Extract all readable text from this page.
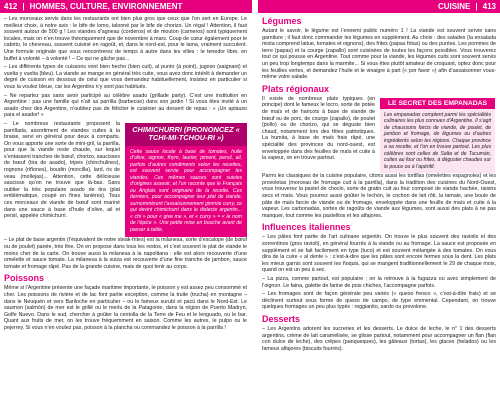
412 | HOMMES, CULTURE, ENVIRONNEMENT	CUISINE | 413

– Les morceaux servis dans les restaurants ont bien plus gros que ceux que l’on sert en Europe. Le meilleur choix, à notre avis : le bife de lomo, talonné par le bife de chorizo. Un régal ! Attention, il faut souvent autour de 500 g ! Les viandes d’agneau (corderos) et de mouton (carneros) sont typiquement locales, mais on n’en trouve théoriquement que de novembre à mars. Coup de cœur également pour le cabrito, le chevreau, souvent cuisiné en ragoût, et, dans le nord-est, pour le lama, vraiment succulent. Une formule originale que vous rencontrerez de temps à autre dans les villes : le tenedor libre, en buffet à volonté – à volonté ! – Ce qui ne gâche pas...

– Les différents types de cuissons vont bien hecho (bien cuit), al punto (à point), jugoso (saignant) et vuelta y vuelta (bleu). La viande se mange en général très cuite, vous avez donc intérêt à demander un degré de cuisson en dessous de celui que vous demandez habituellement, insistez en particulier si vous la voulez bleue, car les Argentins n’y sont pas habitués.

– Ne repartez pas sans avoir participé au célèbre asado (grillade party). C’est une institution en Argentine : pas une famille qui n’ait sa parrilla (barbecue) dans son jardin ! Si vous êtes invité à un asado chez des Argentins, n’oubliez pas de féliciter le cuisinier au dessert de repas : « ¡Un aplauso para el asador! »

– Le nombreux restaurants proposent la parrillada, assortiment de viandes cuites à la braise, servi en général pour deux à comparts. On vous apporte une sorte de mini-gril, la parrilla, pour que la viande reste chaude, sur lequel s’entassent tranches de bœuf, chorizo, saucisses de bœuf (tira de asado), tripes (chinchulines), rognons (riñones), boudin (morcilla), lard, ris de veau (mollejas)... Attention, cette délicieuse saucisse qu’on ne trouve que là-bas. Sans oublier la très populaire asado de tira (plat emblématique, coupé en fines lanières). Tous ces morceaux de viande de bœuf sont mariné dans une sauce à base d’huile d’olive, ail et persil, appelée chimichurri.

CHIMICHURRI (PRONONCEZ « TCHI-MI-TCHOU-RI »)
Cette sauce locale à base de tomates, huile d’olive, oignon, thym, laurier, piment, persil, ail, parfois d’autres condiments selon les recettes, est souvent servie pour accompagner les viandes. Ces mêmes sauces sont suivies d’origines asseoir, et l’on raconte que le Français ou Anglais sont originaire de la recette. Ces derniers, pour accompagner leur plat de viande, surnommèrent l’assaisonnement gimmie curry, ce qui devint chimichurri dans le dialecte argentin... « chi » pour « give me », et « curry » = « le nom de l’épice ». Une petite mise en bouche avant de passer à table.

– Le plat de base argentin (l’équivalent de notre steak-frites) est la milanesa, sorte d’escalope (de bœuf ou de poulet) panée, très fine. On en propose dans tous les restos, et c’est souvent le plat de viande le moins cher de la carte. On trouve aussi la milanesa à la napolitana : elle est alors recouverte d’une omelette et sauce tomate. La milanesa à la suiza est recouverte d’une fine tranche de jambon, sauce tomate et fromage râpé. Pas de la grande cuisine, mais de quoi tenir au corps.

Poissons

Même si l’Argentine présente une façade maritime importante, le poisson y est assez peu consommé et cher. Les poissons de rivière et de lac font partie exception, comme la truite (trucha) en montagne – dans le Neuquén et vers Bariloche en particulier – ou le fameux surubí et pacú dans le Nord-Est. Le saumon (salmón) de mer est le grillé ou le merlu de la Patagonie, dans la région de Puerto Madryn, Golfe Nuevo. Dans le sud, chercher à goûter la centolla de la Terre de Feu et le lenguado, ou le bar. Quant aux fruits de mer, on les trouve fréquemment en saison. Comme les autres, le pulpo ou le pejerrey. Si vous n’en voulez pas, poisson à la plancha ou commandez le poisson à la parrilla !

Légumes

Autant le savoir, le légume est l’ennemi public numéro 1 ! La viande est souvent servie sans garniture ; il faut donc commander les légumes en supplément. Au choix : des salades (la ensalada mixta comprend laitue, tomates et oignons), des frites (papas fritas) ou des purées. Les pommes de terre (papas) et la courge (zapallo) sont cuisinées de toutes les façons possibles. Vous trouverez tout ce qui pousse en Argentine. Tout comme pour la viande, les légumes cuits sont souvent servis un peu trop longtemps dans la marmite... Si vous êtes plutôt amateur de croquant, optez donc pour les feuilles vertes, et demandez l’huile et le vinaigre à part (« por favor ») afin d’assaisonner vous-même votre salade.

Plats régionaux

Il existe de nombreux plats typiques (en principe) dont le fameux le locro, sorte de potée de maïs et de haricots à base de viande de bœuf ou de porc, de courge (zapallo), de poulet (pollo) ou de chorizo, qui se déguste bien chaud, notamment lors des fêtes patriotiques. La humita, à base de maïs frais râpé, une spécialité des provinces du nord-ouest, est enveloppée dans des feuilles de maïs et cuite à la vapeur, on en trouve partout.

LE SECRET DES EMPANADAS
Les empanadas comptent parmi les spécialités culinaires les plus connues d’Argentine. Il s’agit de chaussons farcis de viande, de poulet, de jambon et fromage, de légumes ou d’autres ingrédients selon les régions. Chaque province a sa recette, et l’on en trouve partout. Les plus célèbres sont celles de Salta et de Tucumán, cuites au four ou frites, à déguster chaudes sur le pouce ou à l’apéritif.

Parmi les classiques de la cuisine populaire, citons aussi les tortillas (omelettes espagnoles) et les provoletas (morceau de fromage cuit à la parrilla), dans la tradition des cuisines du Nord-Ouest, vous trouverez la pastel de choclo, sorte de gratin cuit au four composé de viande hachée, raisins secs et maïs. Vous pourrez aussi goûter le lechón, le cochon de lait rôti, la tamale, une boule de pâte de maïs farcie de viande ou de fromage, enveloppée dans une feuille de maïs et cuite à la vapeur. Les carbonadas, sortes de ragoûts de viande aux légumes, sont aussi des plats à ne pas manquer, tout comme les pastelitos et les alfajores.

Influences italiennes

– Les pâtes font partie de l’art culinaire argentin. On trouve le plus souvent des raviolis et des sorrentinos (gros ravioli), en général fourrés à la viande ou au fromage. La sauce est proposée en supplément et se fait facilement en type (tuco) et est souvent mélangée à des tomates. On vous dira de la cuire « al dente » : c’est-à-dire que les pâtes sont encore fermes sous la dent. Les plats les mieux garnis sont souvent les ñoquis, qui se mangent traditionnellement le 29 de chaque mois, quand on est un peu à sec.

– La pizza, comme partout, est populaire ; on la retrouve à la fugazza ou avec simplement de l’oignon. Le faina, galette de farine de pois chiches, l’accompagne parfois.

– Les fromages sont de façon générale peu variés (« queso fresco », c’est-à-dire frais) et se déclinent surtout sous forme de queso de campo, de type emmental. Cependant, on trouve quelques fromages un peu plus typés : reggianito, sardo ou provolone.

Desserts

– Les Argentins adorent les sucreries et les desserts. Le dulce de leche, le n° 1 des desserts argentins, crème de lait caramélisée, se glisse partout, notamment pour accompagner un flan (flan con dulce de leche), des crêpes (panqueques), les gâteaux (tortas), les glaces (helados) ou les fameux alfajores (biscuits fourrés).
